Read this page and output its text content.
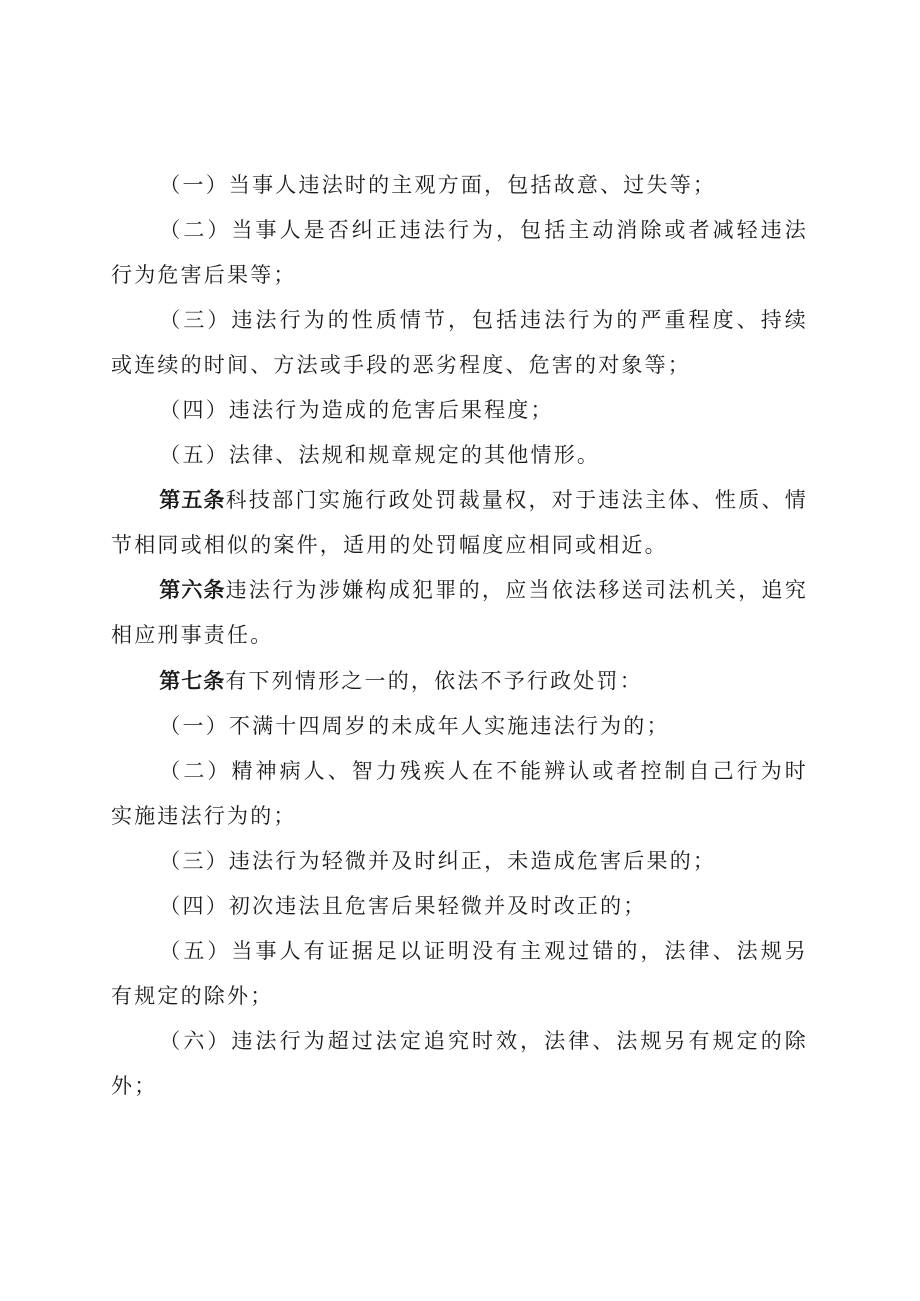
（一）当事人违法时的主观方面，包括故意、过失等；

（二）当事人是否纠正违法行为，包括主动消除或者减轻违法行为危害后果等；

（三）违法行为的性质情节，包括违法行为的严重程度、持续或连续的时间、方法或手段的恶劣程度、危害的对象等；

（四）违法行为造成的危害后果程度；

（五）法律、法规和规章规定的其他情形。

第五条科技部门实施行政处罚裁量权，对于违法主体、性质、情节相同或相似的案件，适用的处罚幅度应相同或相近。

第六条违法行为涉嫌构成犯罪的，应当依法移送司法机关，追究相应刑事责任。

第七条有下列情形之一的，依法不予行政处罚：

（一）不满十四周岁的未成年人实施违法行为的；

（二）精神病人、智力残疾人在不能辨认或者控制自己行为时实施违法行为的；

（三）违法行为轻微并及时纠正，未造成危害后果的；

（四）初次违法且危害后果轻微并及时改正的；

（五）当事人有证据足以证明没有主观过错的，法律、法规另有规定的除外；

（六）违法行为超过法定追究时效，法律、法规另有规定的除外；
